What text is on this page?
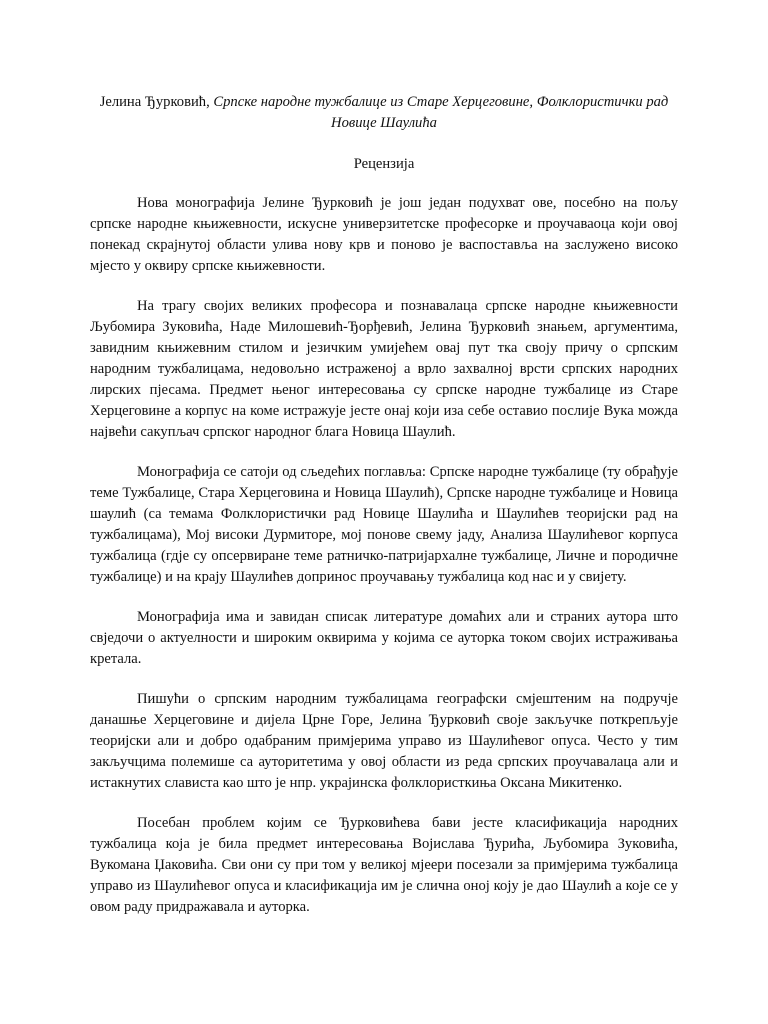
Јелина Ђурковић, Српске народне тужбалице из Старе Херцеговине, Фолклористички рад Новице Шаулића

Рецензија

Нова монографија Јелине Ђурковић је још један подухват ове, посебно на пољу српске народне књижевности, искусне универзитетске професорке и проучаваоца који овој понекад скрајнутој области улива нову крв и поново је васпоставља на заслужено високо мјесто у оквиру српске књижевности.

На трагу својих великих професора и познавалаца српске народне књижевности Љубомира Зуковића, Наде Милошевић-Ђорђевић, Јелина Ђурковић знањем, аргументима, завидним књижевним стилом и језичким умијећем овај пут тка своју причу о српским народним тужбалицама, недовољно истраженој а врло захвалној врсти српских народних лирских пјесама. Предмет њеног интересовања су српске народне тужбалице из Старе Херцеговине а корпус на коме истражује јесте онај који иза себе оставио послије Вука можда највећи сакупљач српског народног блага Новица Шаулић.

Монографија се сатоји од сљедећих поглавља: Српске народне тужбалице (ту обрађује теме Тужбалице, Стара Херцеговина и Новица Шаулић), Српске народне тужбалице и Новица шаулић (са темама Фолклористички рад Новице Шаулића и Шаулићев теоријски рад на тужбалицама), Мој високи Дурмиторе, мој понове свему јаду, Анализа Шаулићевог корпуса тужбалица (гдје су опсервиране теме ратничко-патријархалне тужбалице, Личне и породичне тужбалице) и на крају Шаулићев допринос проучавању тужбалица код нас и у свијету.

Монографија има и завидан списак литературе домаћих али и страних аутора што свједочи о актуелности и широким оквирима у којима се ауторка током својих истраживања кретала.

Пишући о српским народним тужбалицама географски смјештеним на подручје данашње Херцеговине и дијела Црне Горе, Јелина Ђурковић своје закључке поткрепљује теоријски али и добро одабраним примјерима управо из Шаулићевог опуса. Често у тим закључцима полемише са ауторитетима у овој области из реда српских проучавалаца али и истакнутих слависта као што је нпр. украјинска фолклористкиња Оксана Микитенко.

Посебан проблем којим се Ђурковићева бави јесте класификација народних тужбалица која је била предмет интересовања Војислава Ђурића, Љубомира Зуковића, Вукомана Џаковића. Сви они су при том у великој мјеери посезали за примјерима тужбалица управо из Шаулићевог опуса и класификација им је слична оној коју је дао Шаулић а које се у овом раду придражавала и ауторка.
